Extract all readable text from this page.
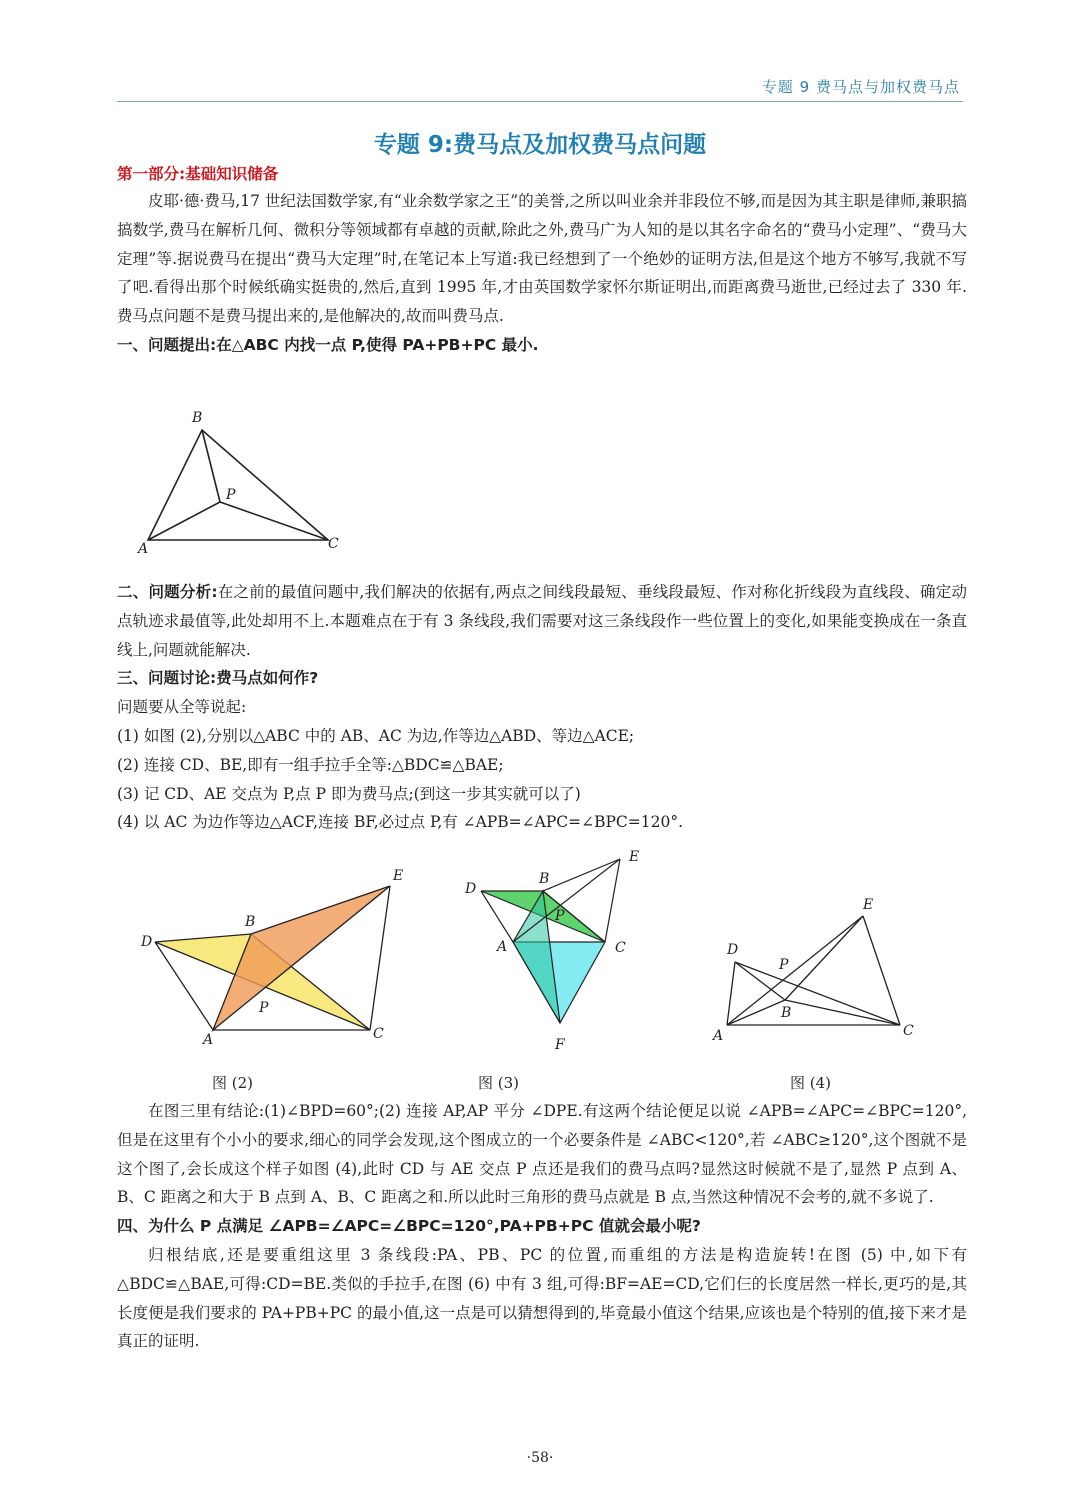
专题 9 费马点与加权费马点
专题 9:费马点及加权费马点问题
第一部分:基础知识储备
皮耶·德·费马,17 世纪法国数学家,有“业余数学家之王”的美誉,之所以叫业余并非段位不够,而是因为其主职是律师,兼职搞搞数学,费马在解析几何、微积分等领域都有卓越的贡献,除此之外,费马广为人知的是以其名字命名的“费马小定理”、“费马大定理”等.据说费马在提出“费马大定理”时,在笔记本上写道:我已经想到了一个绝妙的证明方法,但是这个地方不够写,我就不写了吧.看得出那个时候纸确实挺贵的,然后,直到 1995 年,才由英国数学家怀尔斯证明出,而距离费马逝世,已经过去了 330 年.费马点问题不是费马提出来的,是他解决的,故而叫费马点.
一、问题提出:在△ABC 内找一点 P,使得 PA+PB+PC 最小.
B
A	C
P
二、问题分析:在之前的最值问题中,我们解决的依据有,两点之间线段最短、垂线段最短、作对称化折线段为直线段、确定动点轨迹求最值等,此处却用不上.本题难点在于有 3 条线段,我们需要对这三条线段作一些位置上的变化,如果能变换成在一条直线上,问题就能解决.
三、问题讨论:费马点如何作?
问题要从全等说起:
(1) 如图 (2),分别以△ABC 中的 AB、AC 为边,作等边△ABD、等边△ACE;
(2) 连接 CD、BE,即有一组手拉手全等:△BDC≌△BAE;
(3) 记 CD、AE 交点为 P,点 P 即为费马点;(到这一步其实就可以了)
(4) 以 AC 为边作等边△ACF,连接 BF,必过点 P,有 ∠APB=∠APC=∠BPC=120°.
D
B
E
P
A	C
图 (2)
D
B
E
P
A	C
F
图 (3)
D
E
P
B
A	C
图 (4)
在图三里有结论:(1)∠BPD=60°;(2) 连接 AP,AP 平分 ∠DPE.有这两个结论便足以说 ∠APB=∠APC=∠BPC=120°,但是在这里有个小小的要求,细心的同学会发现,这个图成立的一个必要条件是 ∠ABC<120°,若 ∠ABC≥120°,这个图就不是这个图了,会长成这个样子如图 (4),此时 CD 与 AE 交点 P 点还是我们的费马点吗?显然这时候就不是了,显然 P 点到 A、B、C 距离之和大于 B 点到 A、B、C 距离之和.所以此时三角形的费马点就是 B 点,当然这种情况不会考的,就不多说了.
四、为什么 P 点满足 ∠APB=∠APC=∠BPC=120°,PA+PB+PC 值就会最小呢?
归根结底,还是要重组这里 3 条线段:PA、PB、PC 的位置,而重组的方法是构造旋转!在图 (5) 中,如下有 △BDC≌△BAE,可得:CD=BE.类似的手拉手,在图 (6) 中有 3 组,可得:BF=AE=CD,它们仨的长度居然一样长,更巧的是,其长度便是我们要求的 PA+PB+PC 的最小值,这一点是可以猜想得到的,毕竟最小值这个结果,应该也是个特别的值,接下来才是真正的证明.
·58·
